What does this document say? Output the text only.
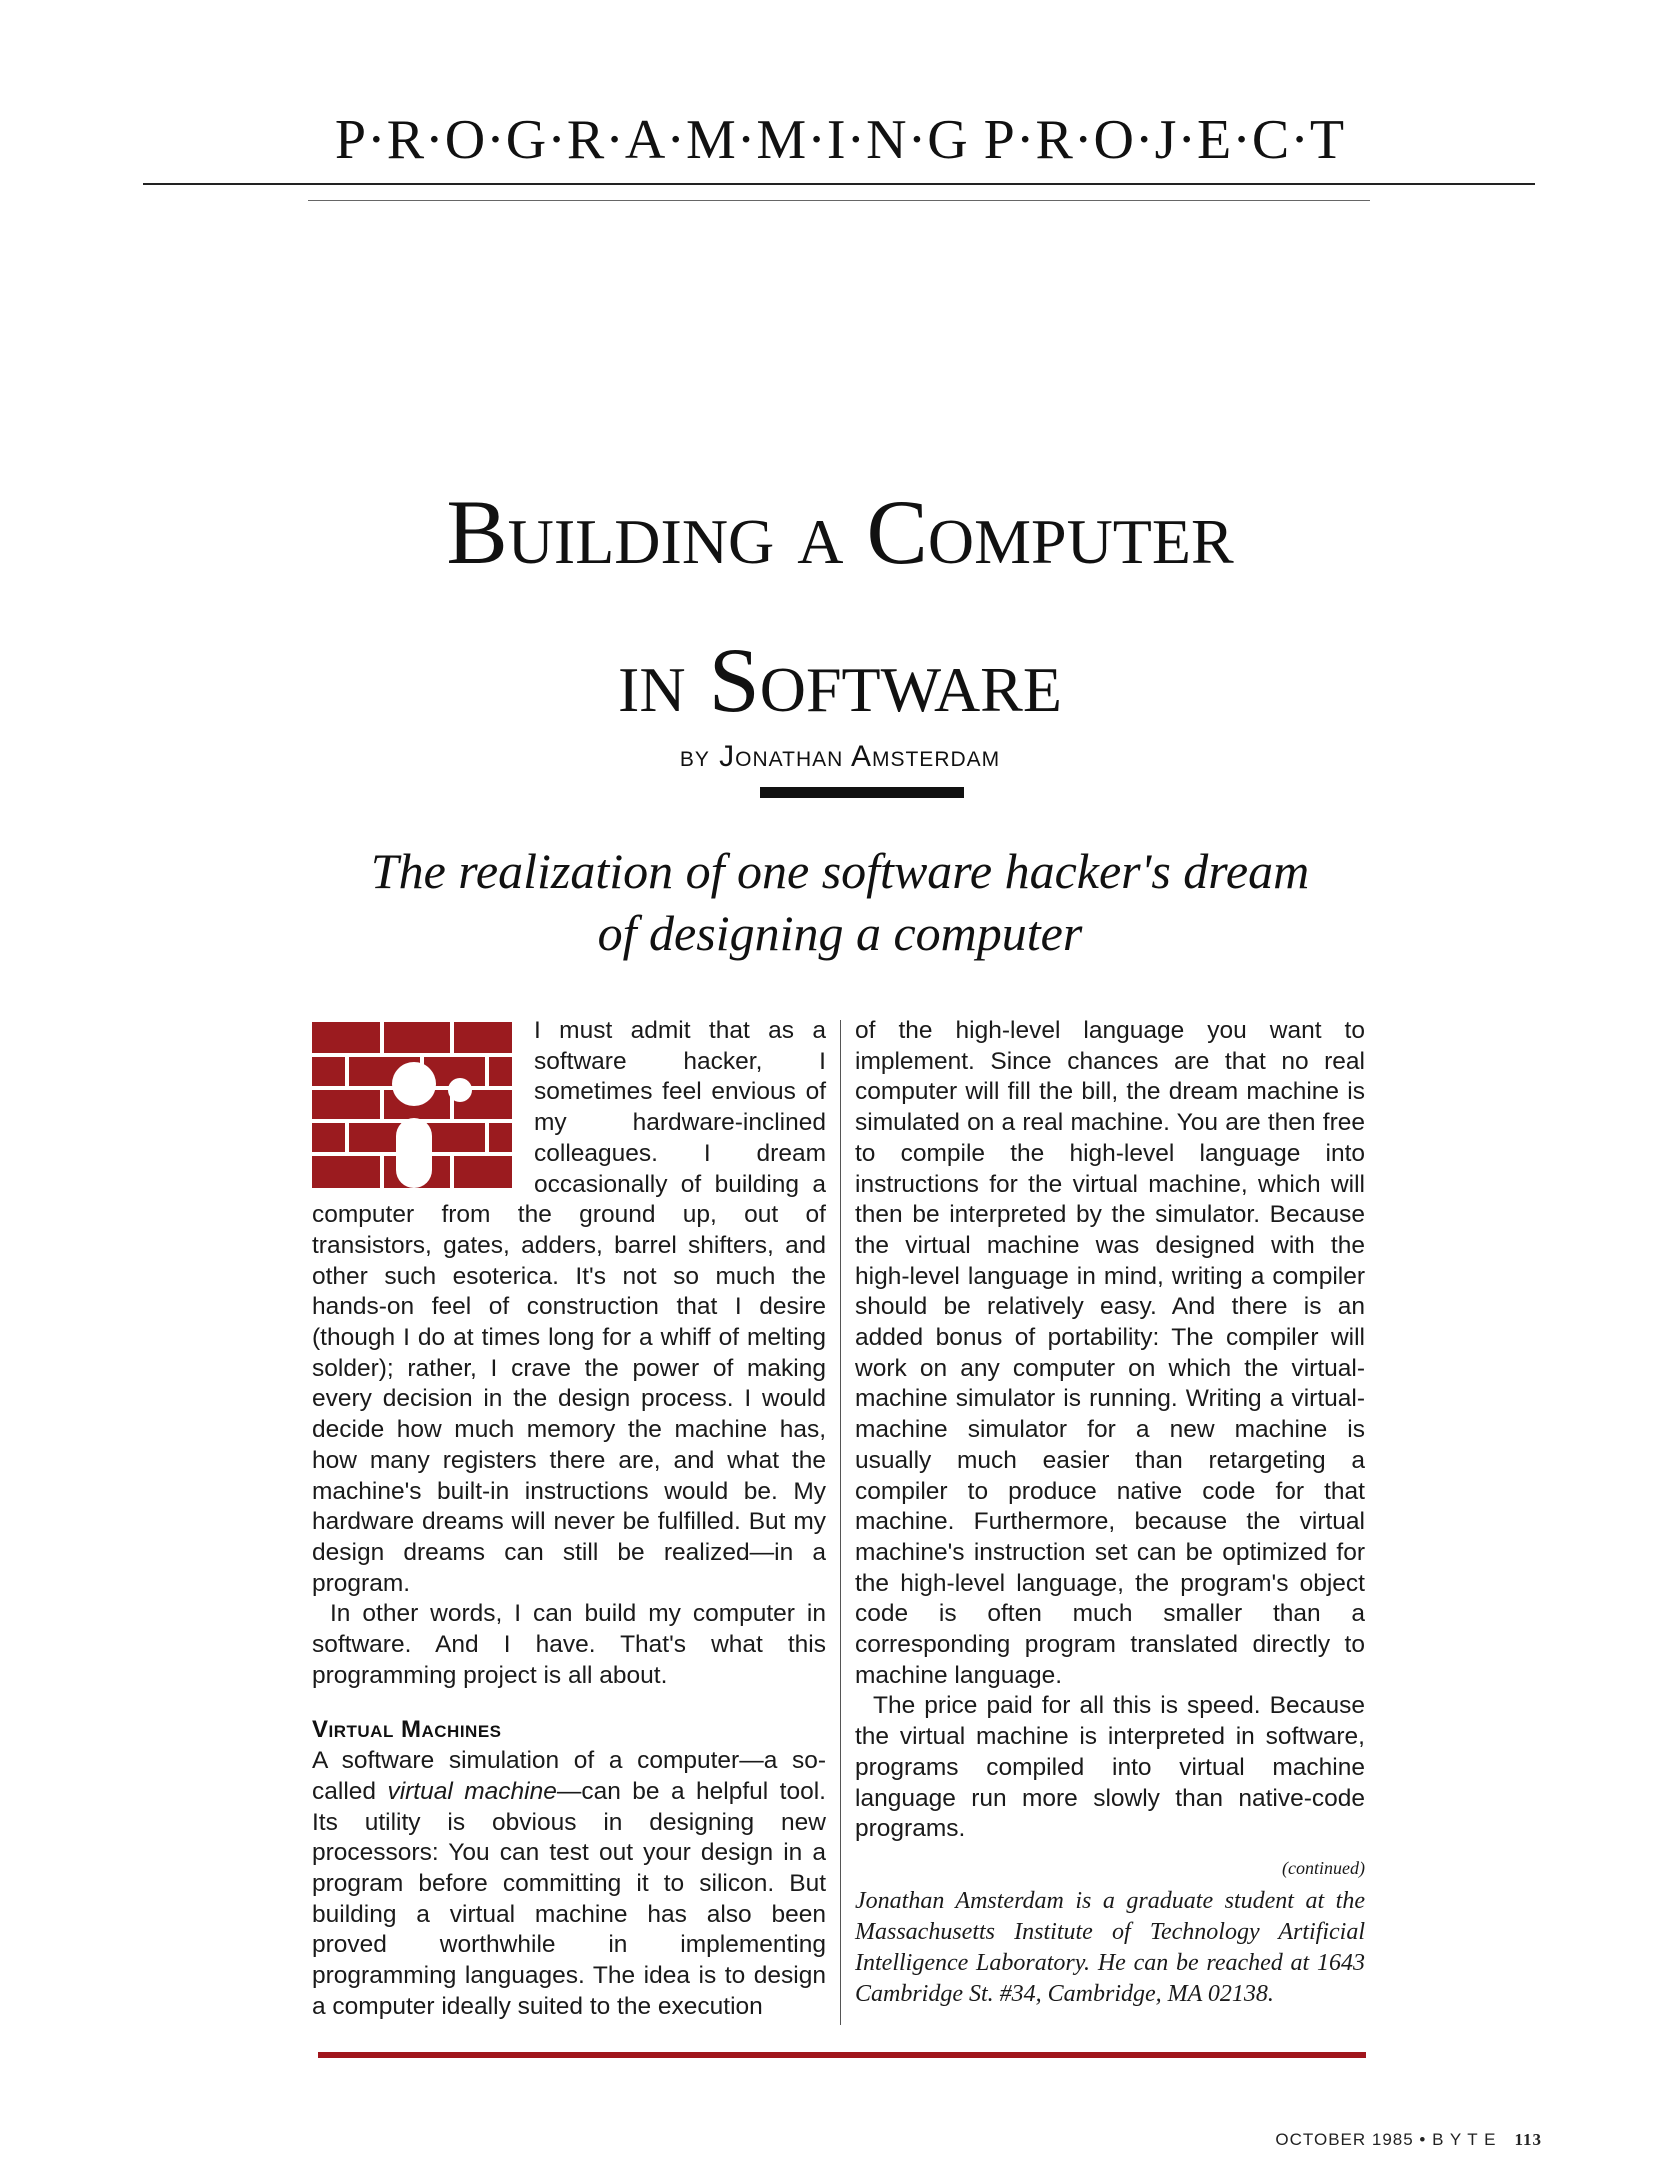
P·R·O·G·R·A·M·M·I·N·G P·R·O·J·E·C·T
Building a Computer
in Software
by Jonathan Amsterdam
The realization of one software hacker's dream
of designing a computer

I must admit that as a software hacker, I sometimes feel envious of my hardware-inclined colleagues. I dream occasionally of building a computer from the ground up, out of transistors, gates, adders, barrel shifters, and other such esoterica. It's not so much the hands-on feel of construction that I desire (though I do at times long for a whiff of melting solder); rather, I crave the power of making every decision in the design process. I would decide how much memory the machine has, how many registers there are, and what the machine's built-in instructions would be. My hardware dreams will never be fulfilled. But my design dreams can still be realized—in a program.

In other words, I can build my computer in software. And I have. That's what this programming project is all about.

Virtual Machines

A software simulation of a computer—a so-called virtual machine—can be a helpful tool. Its utility is obvious in designing new processors: You can test out your design in a program before committing it to silicon. But building a virtual machine has also been proved worthwhile in implementing programming languages. The idea is to design a computer ideally suited to the execution

of the high-level language you want to implement. Since chances are that no real computer will fill the bill, the dream machine is simulated on a real machine. You are then free to compile the high-level language into instructions for the virtual machine, which will then be interpreted by the simulator. Because the virtual machine was designed with the high-level language in mind, writing a compiler should be relatively easy. And there is an added bonus of portability: The compiler will work on any computer on which the virtual-machine simulator is running. Writing a virtual-machine simulator for a new machine is usually much easier than retargeting a compiler to produce native code for that machine. Furthermore, because the virtual machine's instruction set can be optimized for the high-level language, the program's object code is often much smaller than a corresponding program translated directly to machine language.

The price paid for all this is speed. Because the virtual machine is interpreted in software, programs compiled into virtual machine language run more slowly than native-code programs.

(continued)
Jonathan Amsterdam is a graduate student at the Massachusetts Institute of Technology Artificial Intelligence Laboratory. He can be reached at 1643 Cambridge St. #34, Cambridge, MA 02138.
OCTOBER 1985 • B Y T E 113
